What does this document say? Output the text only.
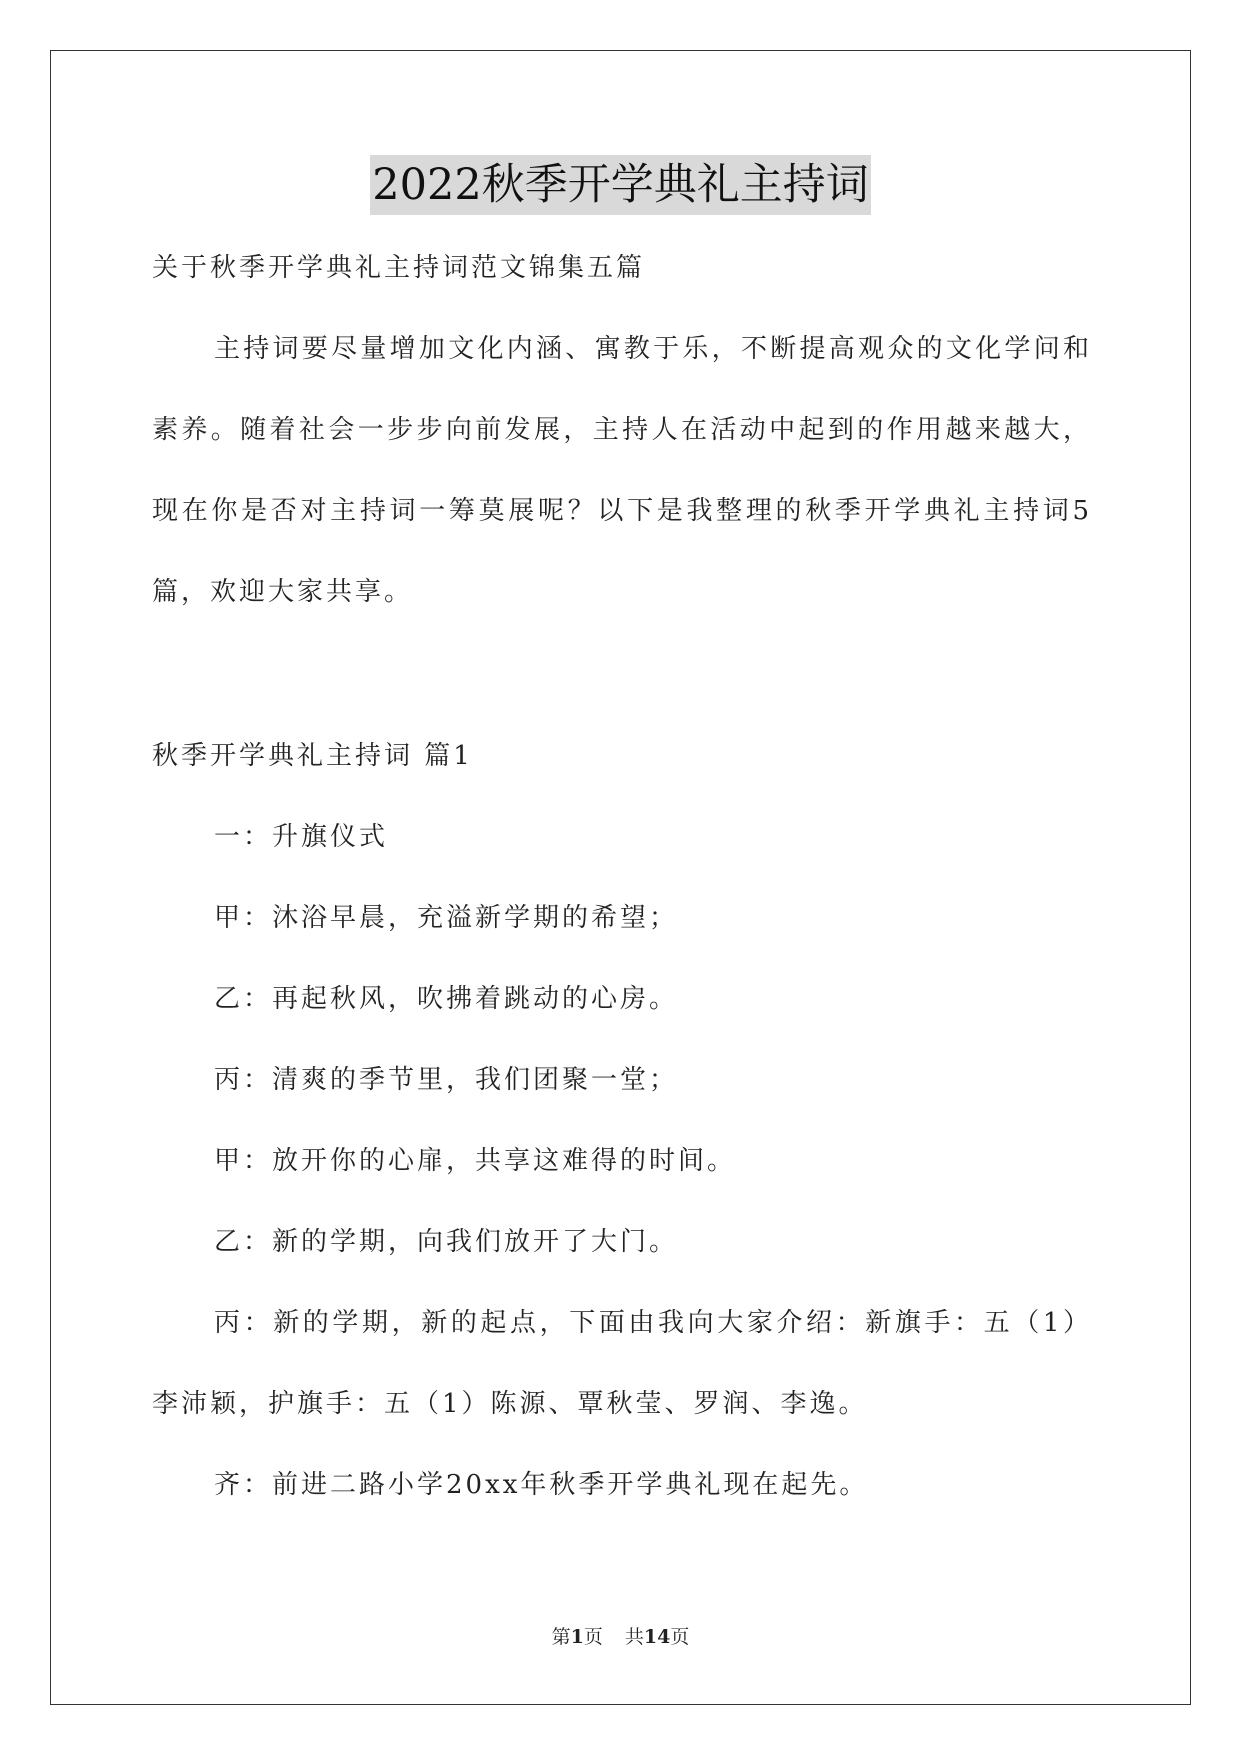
2022秋季开学典礼主持词

关于秋季开学典礼主持词范文锦集五篇

主持词要尽量增加文化内涵、寓教于乐，不断提高观众的文化学问和素养。随着社会一步步向前发展，主持人在活动中起到的作用越来越大，现在你是否对主持词一筹莫展呢？以下是我整理的秋季开学典礼主持词5篇，欢迎大家共享。

秋季开学典礼主持词 篇1

一：升旗仪式

甲：沐浴早晨，充溢新学期的希望；

乙：再起秋风，吹拂着跳动的心房。

丙：清爽的季节里，我们团聚一堂；

甲：放开你的心扉，共享这难得的时间。

乙：新的学期，向我们放开了大门。

丙：新的学期，新的起点，下面由我向大家介绍：新旗手：五（1）李沛颖，护旗手：五（1）陈源、覃秋莹、罗润、李逸。

齐：前进二路小学20xx年秋季开学典礼现在起先。

第1页 共14页
